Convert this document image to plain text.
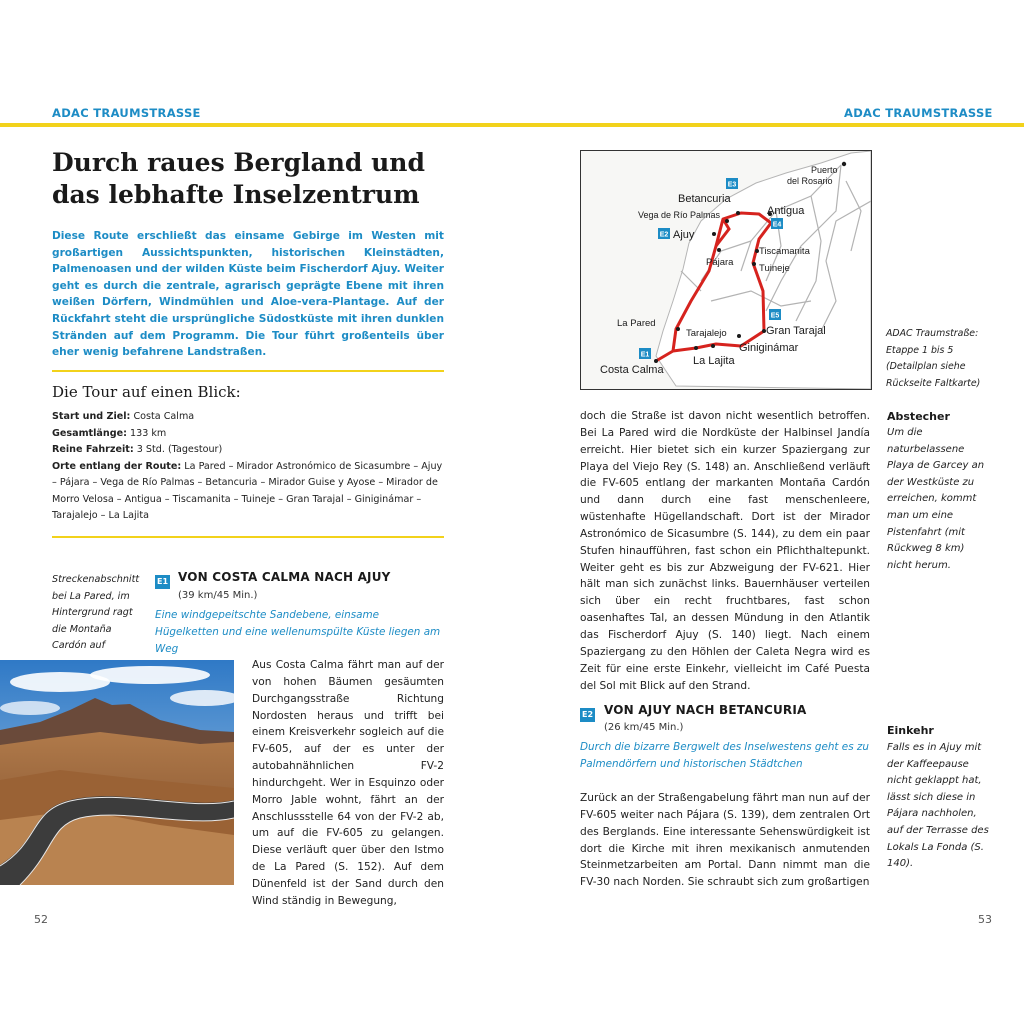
ADAC TRAUMSTRASSE	ADAC TRAUMSTRASSE
Durch raues Bergland und
das lebhafte Inselzentrum
Diese Route erschließt das einsame Gebirge im Westen mit großartigen Aussichtspunkten, historischen Kleinstädten, Palmenoasen und der wilden Küste beim Fischerdorf Ajuy. Weiter geht es durch die zentrale, agrarisch geprägte Ebene mit ihren weißen Dörfern, Windmühlen und Aloe-vera-Plantage. Auf der Rückfahrt steht die ursprüngliche Südostküste mit ihren dunklen Stränden auf dem Programm. Die Tour führt großenteils über eher wenig befahrene Landstraßen.
Die Tour auf einen Blick:
Start und Ziel: Costa Calma
Gesamtlänge: 133 km
Reine Fahrzeit: 3 Std. (Tagestour)
Orte entlang der Route: La Pared – Mirador Astronómico de Sicasumbre – Ajuy – Pájara – Vega de Río Palmas – Betancuria – Mirador Guise y Ayose – Mirador de Morro Velosa – Antigua – Tiscamanita – Tuineje – Gran Tarajal – Giniginámar – Tarajalejo – La Lajita
Streckenabschnitt bei La Pared, im Hintergrund ragt die Montaña Cardón auf
E1 VON COSTA CALMA NACH AJUY
(39 km/45 Min.)
Eine windgepeitschte Sandebene, einsame Hügelketten und eine wellenumspülte Küste liegen am Weg
Aus Costa Calma fährt man auf der von hohen Bäumen gesäumten Durchgangsstraße Richtung Nordosten heraus und trifft bei einem Kreisverkehr sogleich auf die FV-605, auf der es unter der autobahnähnlichen FV-2 hindurchgeht. Wer in Esquinzo oder Morro Jable wohnt, fährt an der Anschlussstelle 64 von der FV-2 ab, um auf die FV-605 zu gelangen. Diese verläuft quer über den Istmo de La Pared (S. 152). Auf dem Dünenfeld ist der Sand durch den Wind ständig in Bewegung,
52
E3
E2
E4
E5
E1
Puerto
del Rosario
Betancuria
Vega de Río Palmas	Antigua
Ajuy
Tiscamanita
Pájara
Tuineje
La Pared
Tarajalejo	Gran Tarajal
Giniginámar
La Lajita
Costa Calma
ADAC Traumstraße: Etappe 1 bis 5 (Detailplan siehe Rückseite Faltkarte)
doch die Straße ist davon nicht wesentlich betroffen. Bei La Pared wird die Nordküste der Halbinsel Jandía erreicht. Hier bietet sich ein kurzer Spaziergang zur Playa del Viejo Rey (S. 148) an. Anschließend verläuft die FV-605 entlang der markanten Montaña Cardón und dann durch eine fast menschenleere, wüstenhafte Hügellandschaft. Dort ist der Mirador Astronómico de Sicasumbre (S. 144), zu dem ein paar Stufen hinaufführen, fast schon ein Pflichthaltepunkt. Weiter geht es bis zur Abzweigung der FV-621. Hier hält man sich zunächst links. Bauernhäuser verteilen sich über ein recht fruchtbares, fast schon oasenhaftes Tal, an dessen Mündung in den Atlantik das Fischerdorf Ajuy (S. 140) liegt. Nach einem Spaziergang zu den Höhlen der Caleta Negra wird es Zeit für eine erste Einkehr, vielleicht im Café Puesta del Sol mit Blick auf den Strand.
Abstecher
Um die naturbelassene Playa de Garcey an der Westküste zu erreichen, kommt man um eine Pistenfahrt (mit Rückweg 8 km) nicht herum.
E2 VON AJUY NACH BETANCURIA
(26 km/45 Min.)
Durch die bizarre Bergwelt des Inselwestens geht es zu Palmendörfern und historischen Städtchen
Zurück an der Straßengabelung fährt man nun auf der FV-605 weiter nach Pájara (S. 139), dem zentralen Ort des Berglands. Eine interessante Sehenswürdigkeit ist dort die Kirche mit ihren mexikanisch anmutenden Steinmetzarbeiten am Portal. Dann nimmt man die FV-30 nach Norden. Sie schraubt sich zum großartigen
Einkehr
Falls es in Ajuy mit der Kaffeepause nicht geklappt hat, lässt sich diese in Pájara nachholen, auf der Terrasse des Lokals La Fonda (S. 140).
53
